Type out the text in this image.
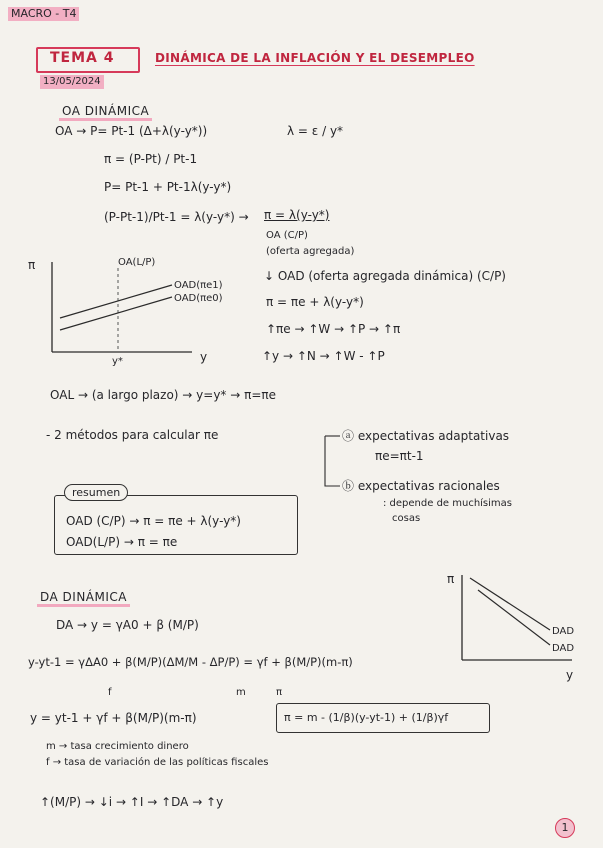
MACRO - T4
TEMA 4	DINÁMICA DE LA INFLACIÓN Y EL DESEMPLEO
13/05/2024
OA DINÁMICA
OA → P= Pt-1 (Δ+λ(y-y*))	λ = ε / y*
π = (P-Pt) / Pt-1
P= Pt-1 + Pt-1λ(y-y*)
(P-Pt-1)/Pt-1 = λ(y-y*) → π = λ(y-y*)
OA (C/P)
(oferta agregada)
↓ OAD (oferta agregada dinámica) (C/P)
π = πe + λ(y-y*)
↑πe → ↑W → ↑P → ↑π
↑y → ↑N → ↑W - ↑P
π
y
y*
OA(L/P)
OAD(πe1)
OAD(πe0)
OAL → (a largo plazo) → y=y* → π=πe
- 2 métodos para calcular πe	ⓐ expectativas adaptativas
πe=πt-1
ⓑ expectativas racionales
: depende de muchísimas
cosas
resumen
OAD (C/P) → π = πe + λ(y-y*)
OAD(L/P) → π = πe
DA DINÁMICA
DA → y = γA0 + β (M/P)
y-yt-1 = γΔA0 + β(M/P)(ΔM/M - ΔP/P) = γf + β(M/P)(m-π)
f	m	π
y = yt-1 + γf + β(M/P)(m-π)	π = m - (1/β)(y-yt-1) + (1/β)γf
m → tasa crecimiento dinero
f → tasa de variación de las políticas fiscales
↑(M/P) → ↓i → ↑I → ↑DA → ↑y
π
y
DAD
DAD
1
